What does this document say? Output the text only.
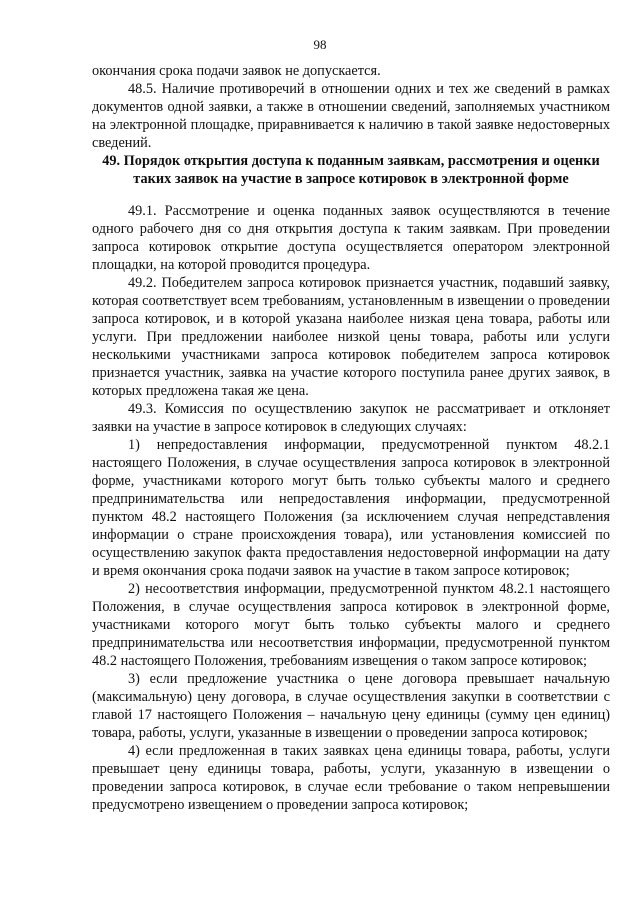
98

окончания срока подачи заявок не допускается.

48.5. Наличие противоречий в отношении одних и тех же сведений в рамках документов одной заявки, а также в отношении сведений, заполняемых участником на электронной площадке, приравнивается к наличию в такой заявке недостоверных сведений.

49. Порядок открытия доступа к поданным заявкам, рассмотрения и оценки таких заявок на участие в запросе котировок в электронной форме

49.1. Рассмотрение и оценка поданных заявок осуществляются в течение одного рабочего дня со дня открытия доступа к таким заявкам. При проведении запроса котировок открытие доступа осуществляется оператором электронной площадки, на которой проводится процедура.

49.2. Победителем запроса котировок признается участник, подавший заявку, которая соответствует всем требованиям, установленным в извещении о проведении запроса котировок, и в которой указана наиболее низкая цена товара, работы или услуги. При предложении наиболее низкой цены товара, работы или услуги несколькими участниками запроса котировок победителем запроса котировок признается участник, заявка на участие которого поступила ранее других заявок, в которых предложена такая же цена.

49.3. Комиссия по осуществлению закупок не рассматривает и отклоняет заявки на участие в запросе котировок в следующих случаях:

1) непредоставления информации, предусмотренной пунктом 48.2.1 настоящего Положения, в случае осуществления запроса котировок в электронной форме, участниками которого могут быть только субъекты малого и среднего предпринимательства или непредоставления информации, предусмотренной пунктом 48.2 настоящего Положения (за исключением случая непредставления информации о стране происхождения товара), или установления комиссией по осуществлению закупок факта предоставления недостоверной информации на дату и время окончания срока подачи заявок на участие в таком запросе котировок;

2) несоответствия информации, предусмотренной пунктом 48.2.1 настоящего Положения, в случае осуществления запроса котировок в электронной форме, участниками которого могут быть только субъекты малого и среднего предпринимательства или несоответствия информации, предусмотренной пунктом 48.2 настоящего Положения, требованиям извещения о таком запросе котировок;

3) если предложение участника о цене договора превышает начальную (максимальную) цену договора, в случае осуществления закупки в соответствии с главой 17 настоящего Положения – начальную цену единицы (сумму цен единиц) товара, работы, услуги, указанные в извещении о проведении запроса котировок;

4) если предложенная в таких заявках цена единицы товара, работы, услуги превышает цену единицы товара, работы, услуги, указанную в извещении о проведении запроса котировок, в случае если требование о таком непревышении предусмотрено извещением о проведении запроса котировок;
